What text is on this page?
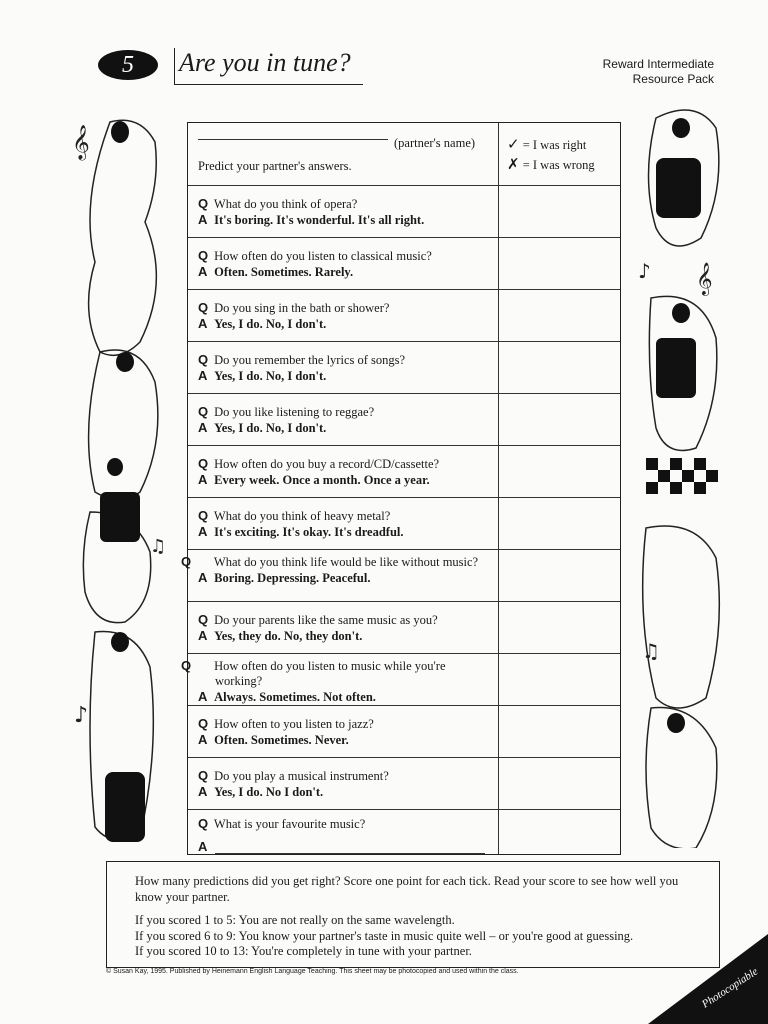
5 Are you in tune?	Reward Intermediate
Resource Pack
𝄞
♪
♫
𝄞
♪
♫
(partner's name)
Predict your partner's answers.
✓ = I was right
✗ = I was wrong
Q What do you think of opera?
A It's boring. It's wonderful. It's all right.
Q How often do you listen to classical music?
A Often. Sometimes. Rarely.
Q Do you sing in the bath or shower?
A Yes, I do. No, I don't.
Q Do you remember the lyrics of songs?
A Yes, I do. No, I don't.
Q Do you like listening to reggae?
A Yes, I do. No, I don't.
Q How often do you buy a record/CD/cassette?
A Every week. Once a month. Once a year.
Q What do you think of heavy metal?
A It's exciting. It's okay. It's dreadful.
Q What do you think life would be like without music?
A Boring. Depressing. Peaceful.
Q Do your parents like the same music as you?
A Yes, they do. No, they don't.
Q How often do you listen to music while you're working?
A Always. Sometimes. Not often.
Q How often to you listen to jazz?
A Often. Sometimes. Never.
Q Do you play a musical instrument?
A Yes, I do. No I don't.
Q What is your favourite music?
A

How many predictions did you get right? Score one point for each tick. Read your score to see how well you know your partner.

If you scored 1 to 5: You are not really on the same wavelength.

If you scored 6 to 9: You know your partner's taste in music quite well – or you're good at guessing.

If you scored 10 to 13: You're completely in tune with your partner.

© Susan Kay, 1995. Published by Heinemann English Language Teaching. This sheet may be photocopied and used within the class.	Photocopiable
